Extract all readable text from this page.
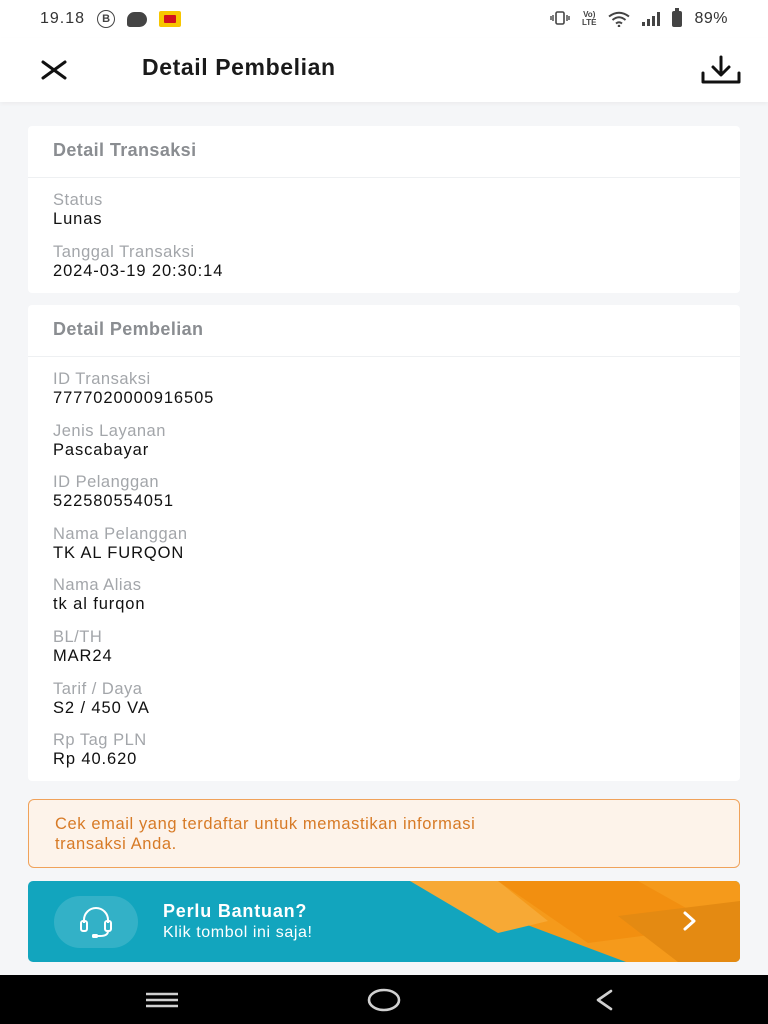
19.18	B	Vo)
LTE	89%
Detail Pembelian
Detail Transaksi
Status
Lunas
Tanggal Transaksi
2024-03-19 20:30:14
Detail Pembelian
ID Transaksi
7777020000916505
Jenis Layanan
Pascabayar
ID Pelanggan
522580554051
Nama Pelanggan
TK AL FURQON
Nama Alias
tk al furqon
BL/TH
MAR24
Tarif / Daya
S2 / 450 VA
Rp Tag PLN
Rp 40.620
Cek email yang terdaftar untuk memastikan informasi
transaksi Anda.
Perlu Bantuan?
Klik tombol ini saja!
